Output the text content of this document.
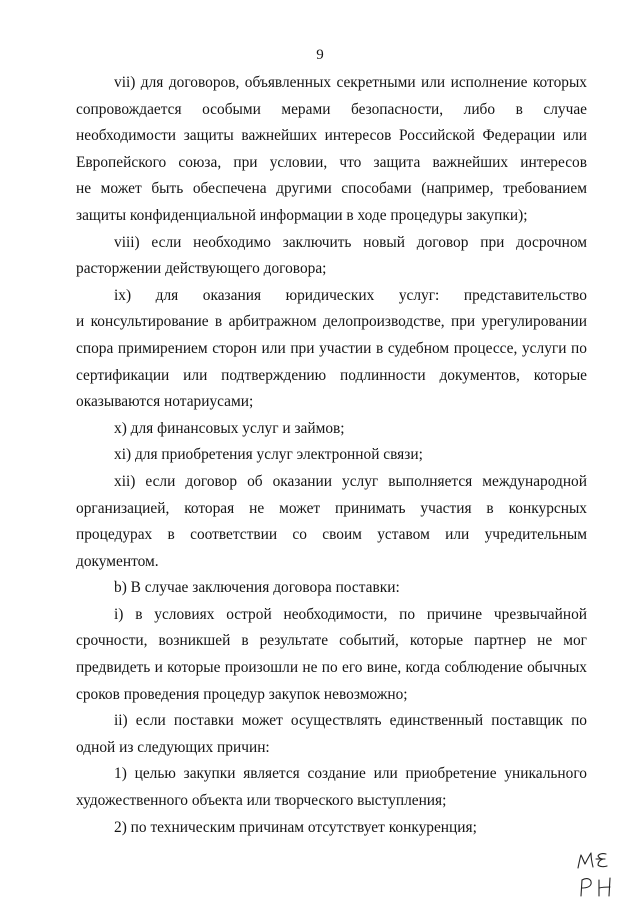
9

vii) для договоров, объявленных секретными или исполнение которых
сопровождается особыми мерами безопасности, либо в случае
необходимости защиты важнейших интересов Российской Федерации или
Европейского союза, при условии, что защита важнейших интересов
не может быть обеспечена другими способами (например, требованием
защиты конфиденциальной информации в ходе процедуры закупки);

viii) если необходимо заключить новый договор при досрочном
расторжении действующего договора;

ix) для оказания юридических услуг: представительство
и консультирование в арбитражном делопроизводстве, при урегулировании
спора примирением сторон или при участии в судебном процессе, услуги по
сертификации или подтверждению подлинности документов, которые
оказываются нотариусами;

x) для финансовых услуг и займов;

xi) для приобретения услуг электронной связи;

xii) если договор об оказании услуг выполняется международной
организацией, которая не может принимать участия в конкурсных
процедурах в соответствии со своим уставом или учредительным
документом.

b) В случае заключения договора поставки:

i) в условиях острой необходимости, по причине чрезвычайной
срочности, возникшей в результате событий, которые партнер не мог
предвидеть и которые произошли не по его вине, когда соблюдение обычных
сроков проведения процедур закупок невозможно;

ii) если поставки может осуществлять единственный поставщик по
одной из следующих причин:

1) целью закупки является создание или приобретение уникального
художественного объекта или творческого выступления;

2) по техническим причинам отсутствует конкуренция;
